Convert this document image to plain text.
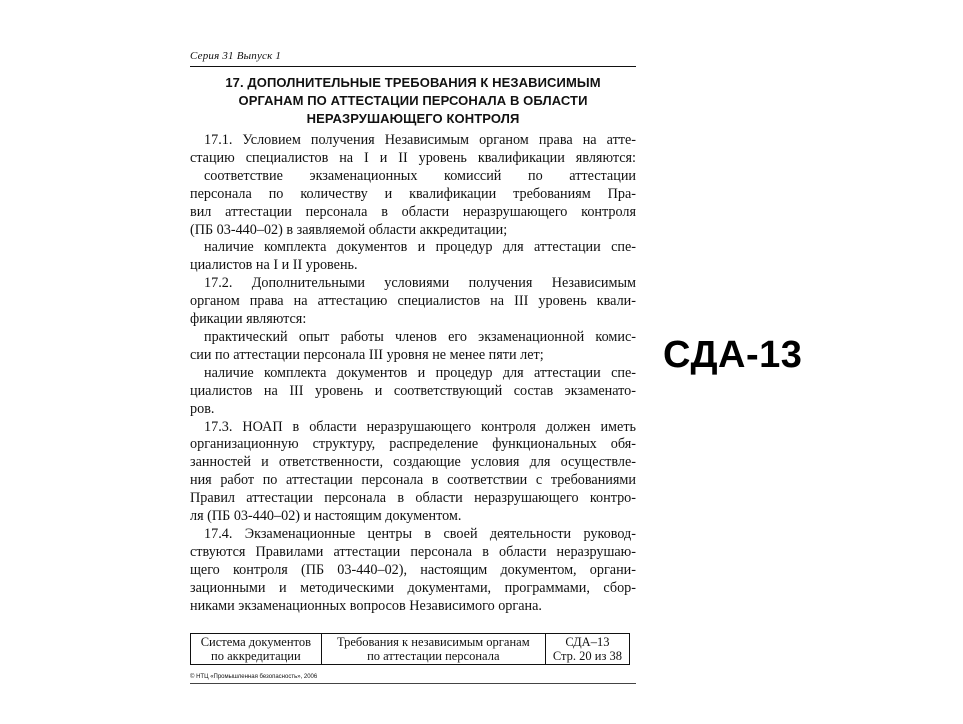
Серия 31 Выпуск 1
17. ДОПОЛНИТЕЛЬНЫЕ ТРЕБОВАНИЯ К НЕЗАВИСИМЫМ
ОРГАНАМ ПО АТТЕСТАЦИИ ПЕРСОНАЛА В ОБЛАСТИ
НЕРАЗРУШАЮЩЕГО КОНТРОЛЯ
17.1. Условием получения Независимым органом права на атте-
стацию специалистов на I и II уровень квалификации являются:
соответствие экзаменационных комиссий по аттестации
персонала по количеству и квалификации требованиям Пра-
вил аттестации персонала в области неразрушающего контроля
(ПБ 03-440–02) в заявляемой области аккредитации;
наличие комплекта документов и процедур для аттестации спе-
циалистов на I и II уровень.
17.2. Дополнительными условиями получения Независимым
органом права на аттестацию специалистов на III уровень квали-
фикации являются:
практический опыт работы членов его экзаменационной комис-
сии по аттестации персонала III уровня не менее пяти лет;
наличие комплекта документов и процедур для аттестации спе-
циалистов на III уровень и соответствующий состав экзаменато-
ров.
17.3. НОАП в области неразрушающего контроля должен иметь
организационную структуру, распределение функциональных обя-
занностей и ответственности, создающие условия для осуществле-
ния работ по аттестации персонала в соответствии с требованиями
Правил аттестации персонала в области неразрушающего контро-
ля (ПБ 03-440–02) и настоящим документом.
17.4. Экзаменационные центры в своей деятельности руковод-
ствуются Правилами аттестации персонала в области неразрушаю-
щего контроля (ПБ 03-440–02), настоящим документом, органи-
зационными и методическими документами, программами, сбор-
никами экзаменационных вопросов Независимого органа.
Система документов
по аккредитации

Требования к независимым органам
по аттестации персонала

СДА–13
Стр. 20 из 38
© НТЦ «Промышленная безопасность», 2006
СДА-13
